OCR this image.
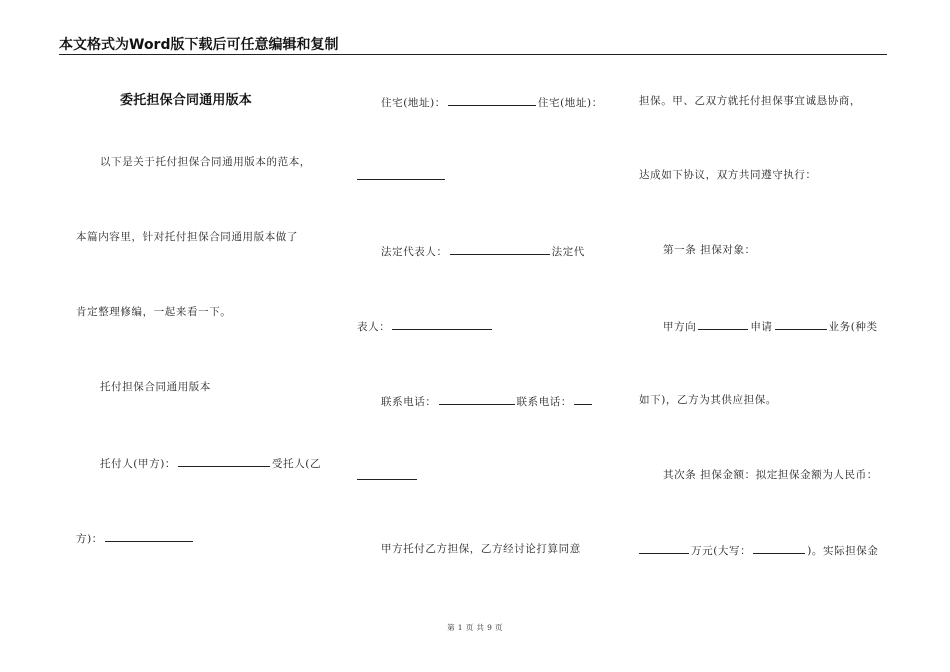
本文格式为Word版下载后可任意编辑和复制
委托担保合同通用版本
以下是关于托付担保合同通用版本的范本，
本篇内容里，针对托付担保合同通用版本做了
肯定整理修编，一起来看一下。
托付担保合同通用版本
托付人(甲方)：	受托人(乙
方)：
住宅(地址)：	住宅(地址)：
法定代表人：	法定代
表人：
联系电话：	联系电话：
甲方托付乙方担保，乙方经讨论打算同意
担保。甲、乙双方就托付担保事宜诚恳协商，
达成如下协议，双方共同遵守执行：
第一条 担保对象：
甲方向	申请	业务(种类
如下)，乙方为其供应担保。
其次条 担保金额：拟定担保金额为人民币：
万元(大写：	)。实际担保金
第 1 页 共 9 页
